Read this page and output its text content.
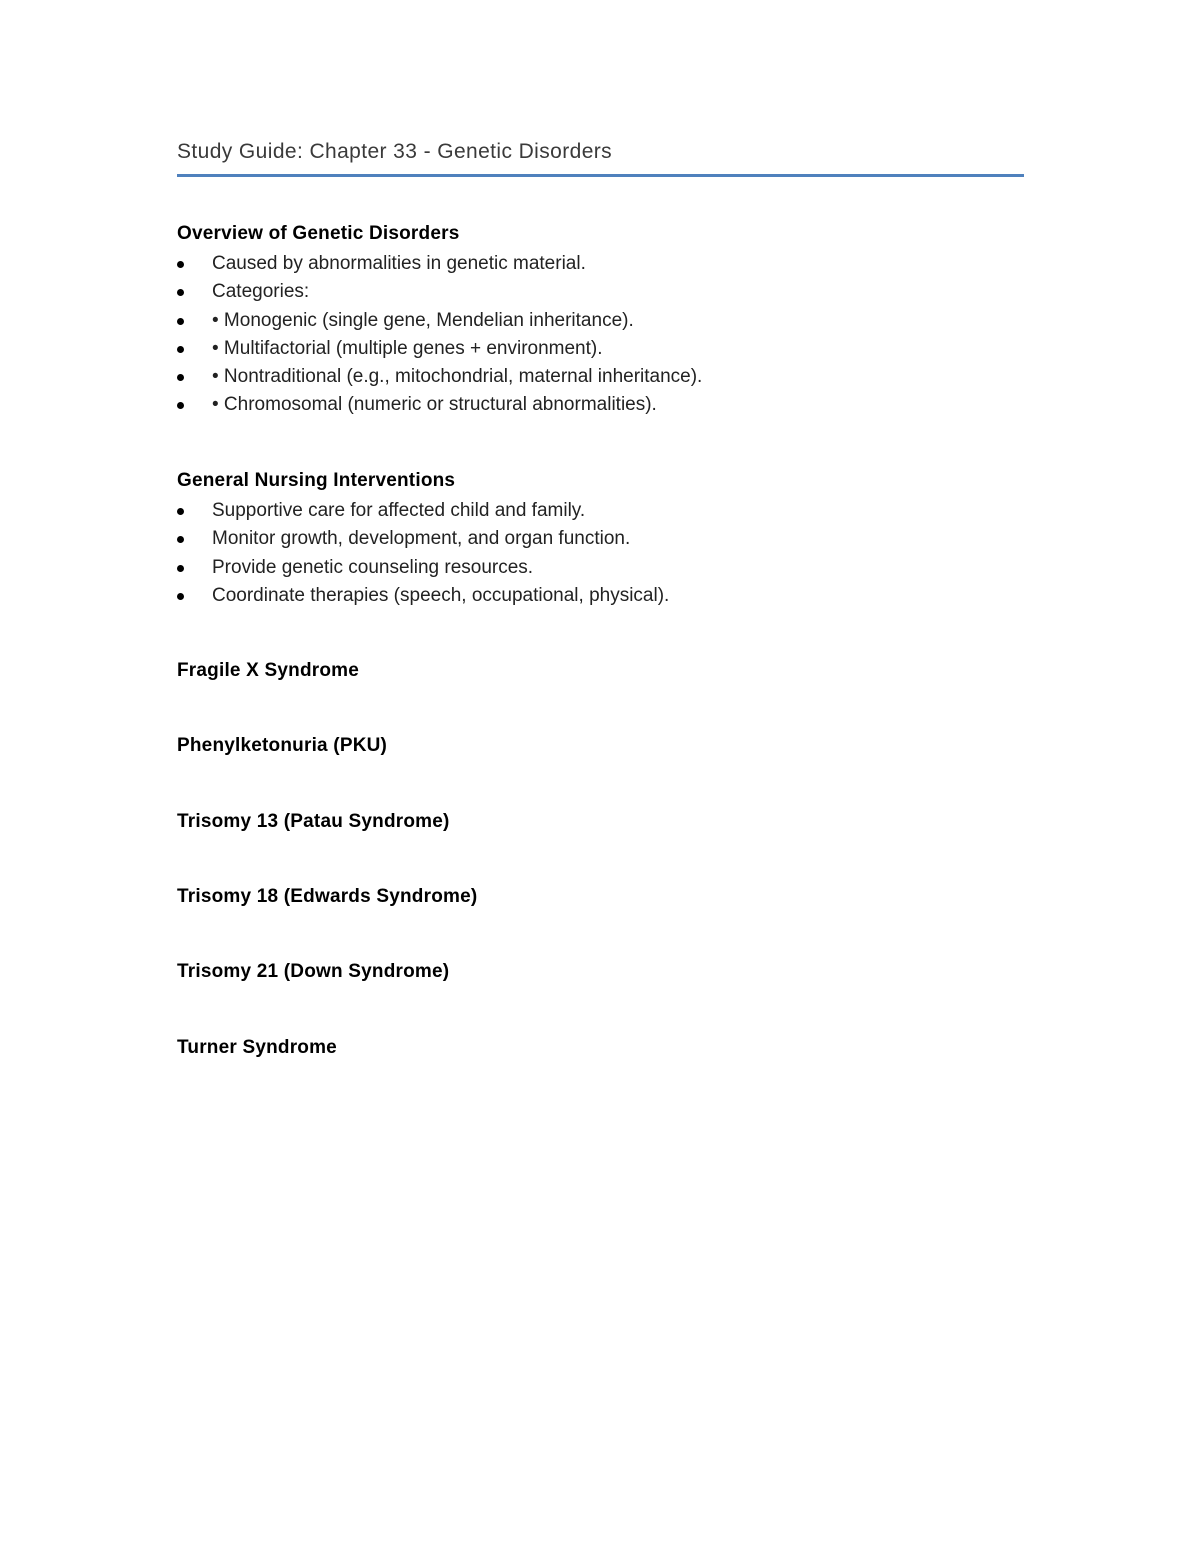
Study Guide: Chapter 33 - Genetic Disorders
Overview of Genetic Disorders
Caused by abnormalities in genetic material.
Categories:
• Monogenic (single gene, Mendelian inheritance).
• Multifactorial (multiple genes + environment).
• Nontraditional (e.g., mitochondrial, maternal inheritance).
• Chromosomal (numeric or structural abnormalities).
General Nursing Interventions
Supportive care for affected child and family.
Monitor growth, development, and organ function.
Provide genetic counseling resources.
Coordinate therapies (speech, occupational, physical).
Fragile X Syndrome
Phenylketonuria (PKU)
Trisomy 13 (Patau Syndrome)
Trisomy 18 (Edwards Syndrome)
Trisomy 21 (Down Syndrome)
Turner Syndrome
